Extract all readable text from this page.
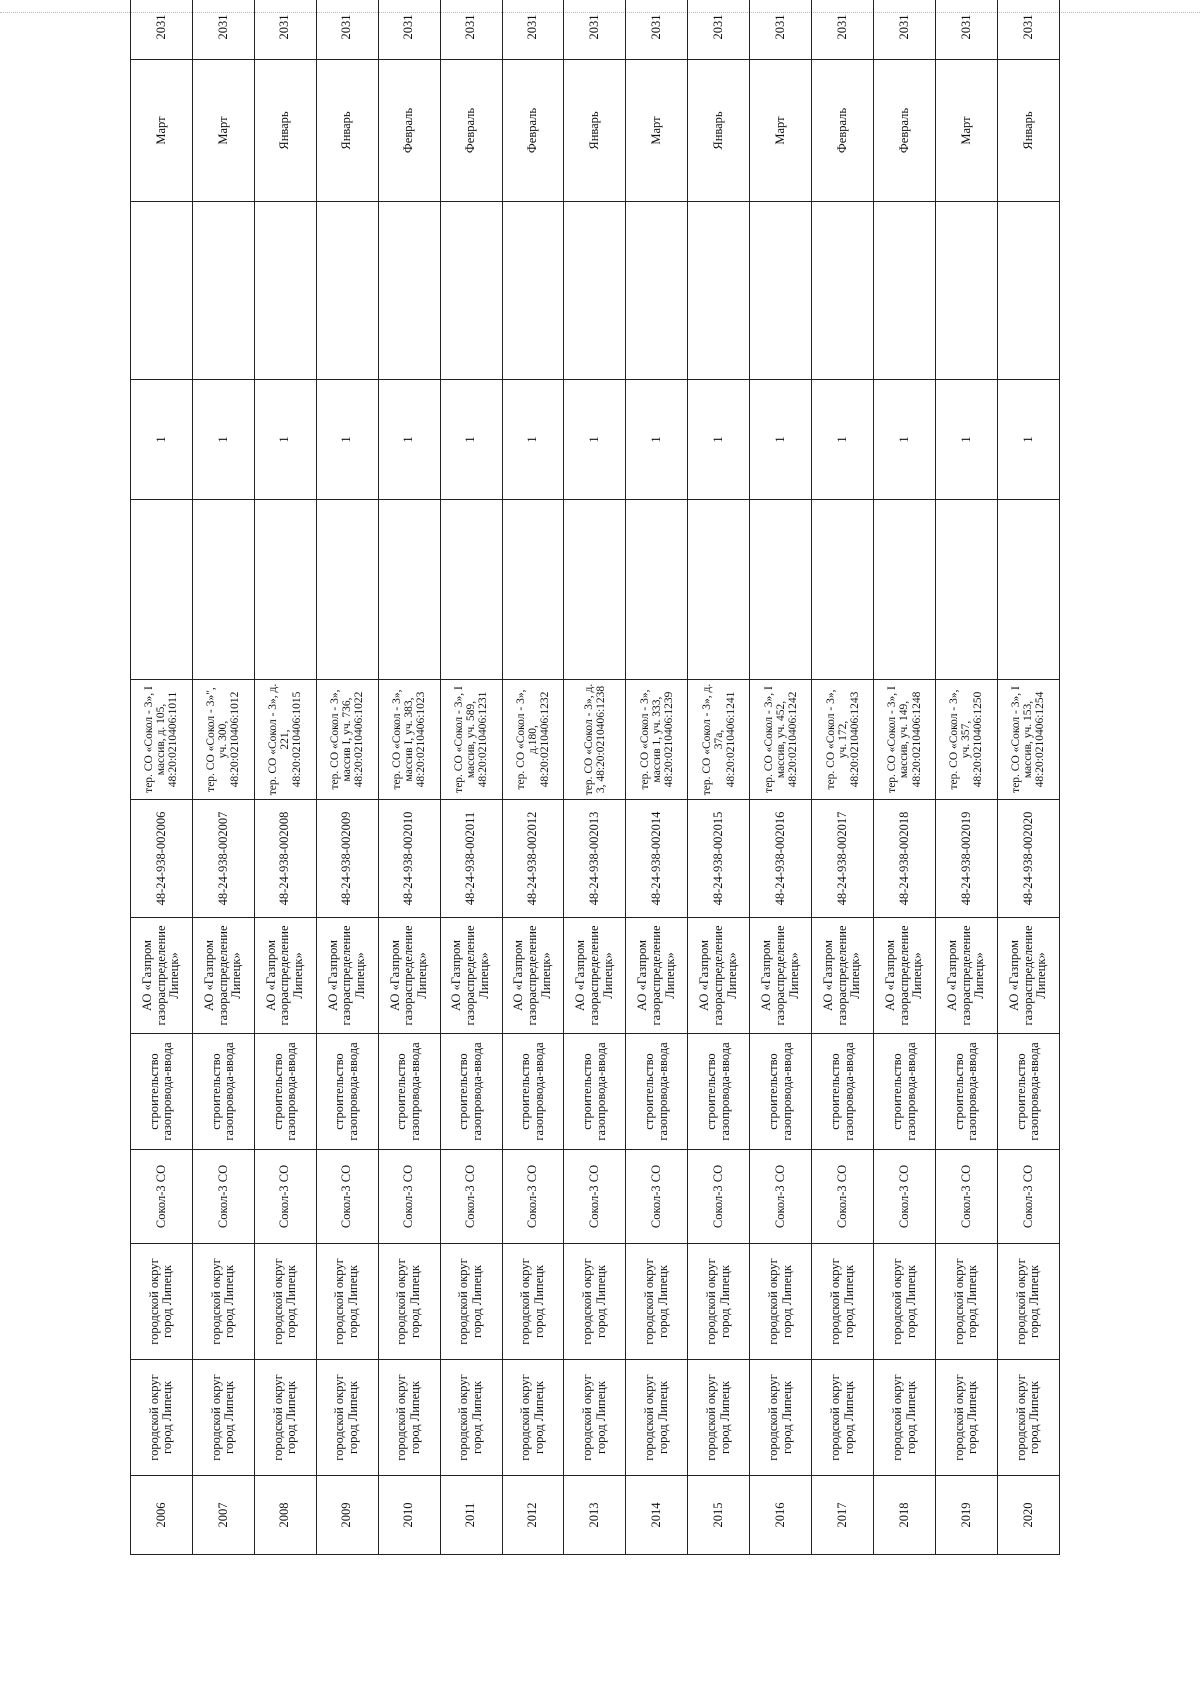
2006	городской округ город Липецк	городской округ город Липецк	Сокол-3 СО	строительство газопровода-ввода	АО «Газпром газораспределение Липецк»	48-24-938-002006	тер. СО «Сокол - 3», I массив, д. 105, 48:20:0210406:1011		1		Март	2031
2007	городской округ город Липецк	городской округ город Липецк	Сокол-3 СО	строительство газопровода-ввода	АО «Газпром газораспределение Липецк»	48-24-938-002007	тер. СО «Сокол - 3»", уч. 300, 48:20:0210406:1012		1		Март	2031
2008	городской округ город Липецк	городской округ город Липецк	Сокол-3 СО	строительство газопровода-ввода	АО «Газпром газораспределение Липецк»	48-24-938-002008	тер. СО «Сокол - 3», д. 221, 48:20:0210406:1015		1		Январь	2031
2009	городской округ город Липецк	городской округ город Липецк	Сокол-3 СО	строительство газопровода-ввода	АО «Газпром газораспределение Липецк»	48-24-938-002009	тер. СО «Сокол - 3», массив I, уч. 736, 48:20:0210406:1022		1		Январь	2031
2010	городской округ город Липецк	городской округ город Липецк	Сокол-3 СО	строительство газопровода-ввода	АО «Газпром газораспределение Липецк»	48-24-938-002010	тер. СО «Сокол - 3», массив I, уч. 383, 48:20:0210406:1023		1		Февраль	2031
2011	городской округ город Липецк	городской округ город Липецк	Сокол-3 СО	строительство газопровода-ввода	АО «Газпром газораспределение Липецк»	48-24-938-002011	тер. СО «Сокол - 3», I массив, уч. 589, 48:20:0210406:1231		1		Февраль	2031
2012	городской округ город Липецк	городской округ город Липецк	Сокол-3 СО	строительство газопровода-ввода	АО «Газпром газораспределение Липецк»	48-24-938-002012	тер. СО «Сокол - 3», д.180, 48:20:0210406:1232		1		Февраль	2031
2013	городской округ город Липецк	городской округ город Липецк	Сокол-3 СО	строительство газопровода-ввода	АО «Газпром газораспределение Липецк»	48-24-938-002013	тер. СО «Сокол - 3», д. 3, 48:20:0210406:1238		1		Январь	2031
2014	городской округ город Липецк	городской округ город Липецк	Сокол-3 СО	строительство газопровода-ввода	АО «Газпром газораспределение Липецк»	48-24-938-002014	тер. СО «Сокол - 3», массив 1, уч. 333, 48:20:0210406:1239		1		Март	2031
2015	городской округ город Липецк	городской округ город Липецк	Сокол-3 СО	строительство газопровода-ввода	АО «Газпром газораспределение Липецк»	48-24-938-002015	тер. СО «Сокол - 3», д. 37а, 48:20:0210406:1241		1		Январь	2031
2016	городской округ город Липецк	городской округ город Липецк	Сокол-3 СО	строительство газопровода-ввода	АО «Газпром газораспределение Липецк»	48-24-938-002016	тер. СО «Сокол - 3», I массив, уч. 452, 48:20:0210406:1242		1		Март	2031
2017	городской округ город Липецк	городской округ город Липецк	Сокол-3 СО	строительство газопровода-ввода	АО «Газпром газораспределение Липецк»	48-24-938-002017	тер. СО «Сокол - 3», уч. 172, 48:20:0210406:1243		1		Февраль	2031
2018	городской округ город Липецк	городской округ город Липецк	Сокол-3 СО	строительство газопровода-ввода	АО «Газпром газораспределение Липецк»	48-24-938-002018	тер. СО «Сокол - 3», I массив, уч. 149, 48:20:0210406:1248		1		Февраль	2031
2019	городской округ город Липецк	городской округ город Липецк	Сокол-3 СО	строительство газопровода-ввода	АО «Газпром газораспределение Липецк»	48-24-938-002019	тер. СО «Сокол - 3», уч. 357, 48:20:0210406:1250		1		Март	2031
2020	городской округ город Липецк	городской округ город Липецк	Сокол-3 СО	строительство газопровода-ввода	АО «Газпром газораспределение Липецк»	48-24-938-002020	тер. СО «Сокол - 3», I массив, уч. 153, 48:20:0210406:1254		1		Январь	2031
